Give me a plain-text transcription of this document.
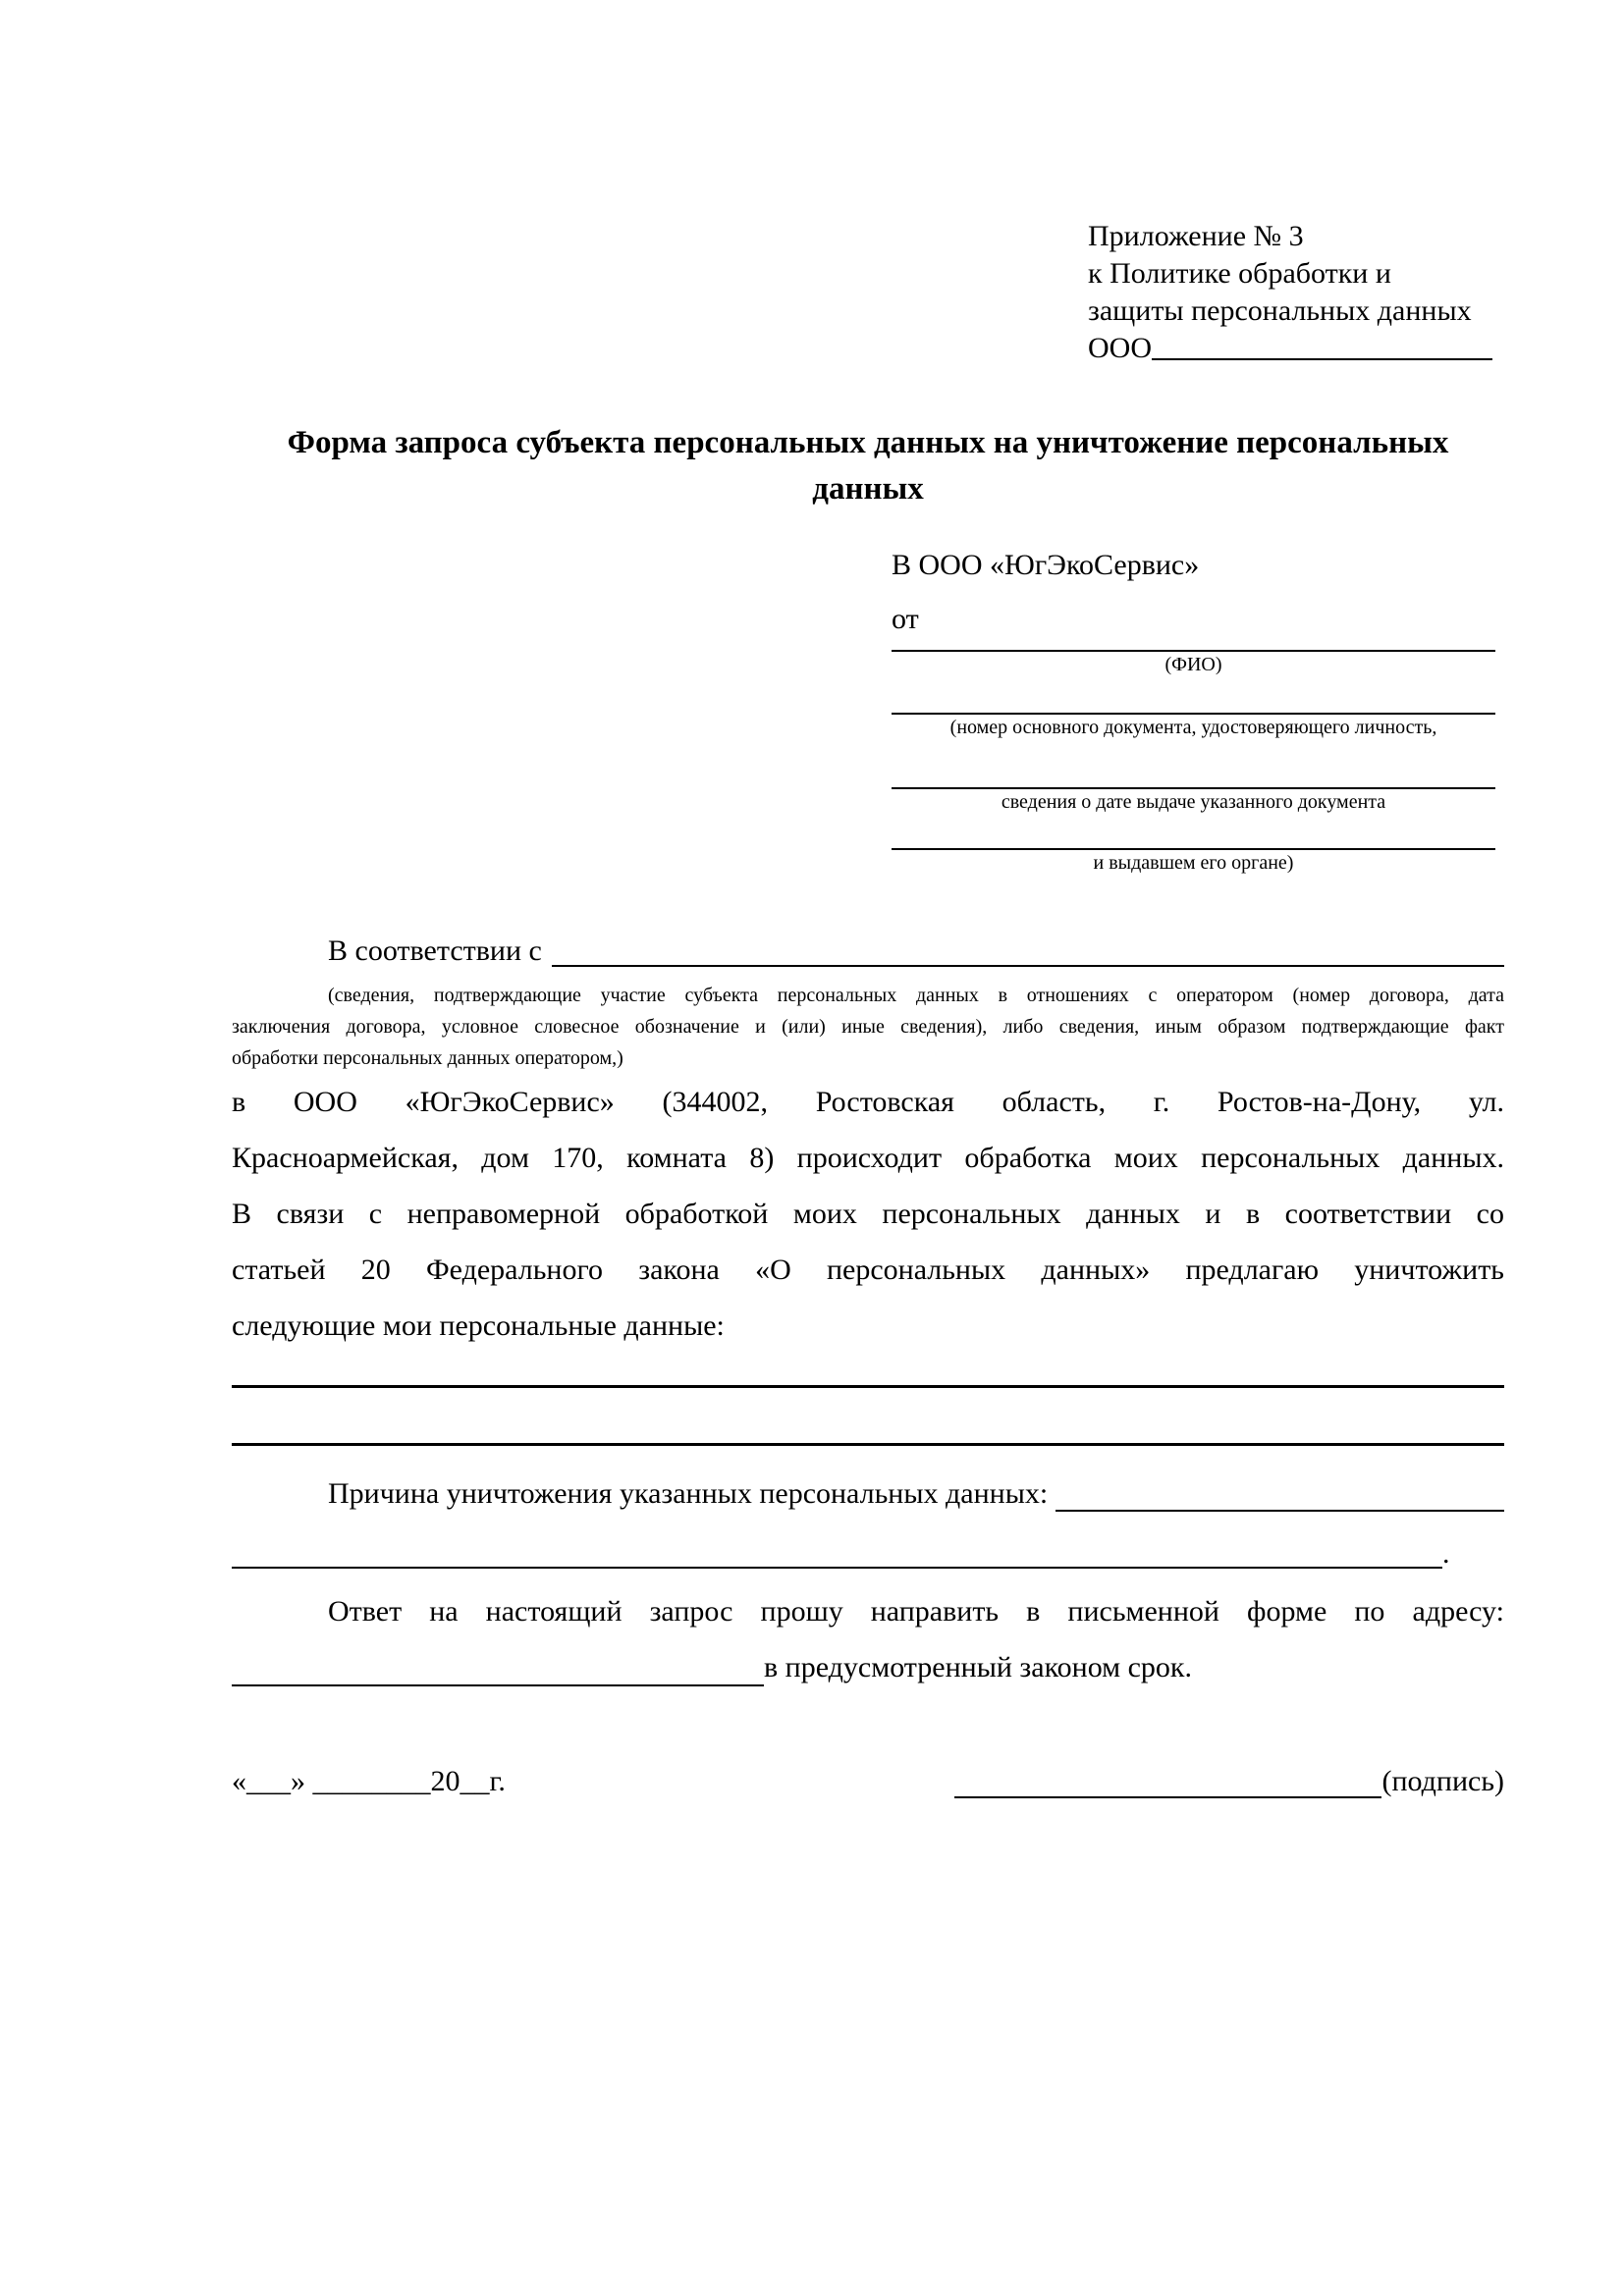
Приложение № 3
к Политике обработки и
защиты персональных данных
ООО
Форма запроса субъекта персональных данных на уничтожение персональных данных
В ООО «ЮгЭкоСервис»
от
(ФИО)
(номер основного документа, удостоверяющего личность,
сведения о дате выдаче указанного документа
и выдавшем его органе)
В соответствии с
(сведения, подтверждающие участие субъекта персональных данных в отношениях с оператором (номер договора, дата
заключения договора, условное словесное обозначение и (или) иные сведения), либо сведения, иным образом подтверждающие факт
обработки персональных данных оператором,)
в ООО «ЮгЭкоСервис» (344002, Ростовская область, г. Ростов-на-Дону, ул.
Красноармейская, дом 170, комната 8) происходит обработка моих персональных данных.
В связи с неправомерной обработкой моих персональных данных и в соответствии со
статьей 20 Федерального закона «О персональных данных» предлагаю уничтожить
следующие мои персональные данные:
Причина уничтожения указанных персональных данных:
.
Ответ на настоящий запрос прошу направить в письменной форме по адресу:
в предусмотренный законом срок.
«___» ________20__г.	(подпись)
